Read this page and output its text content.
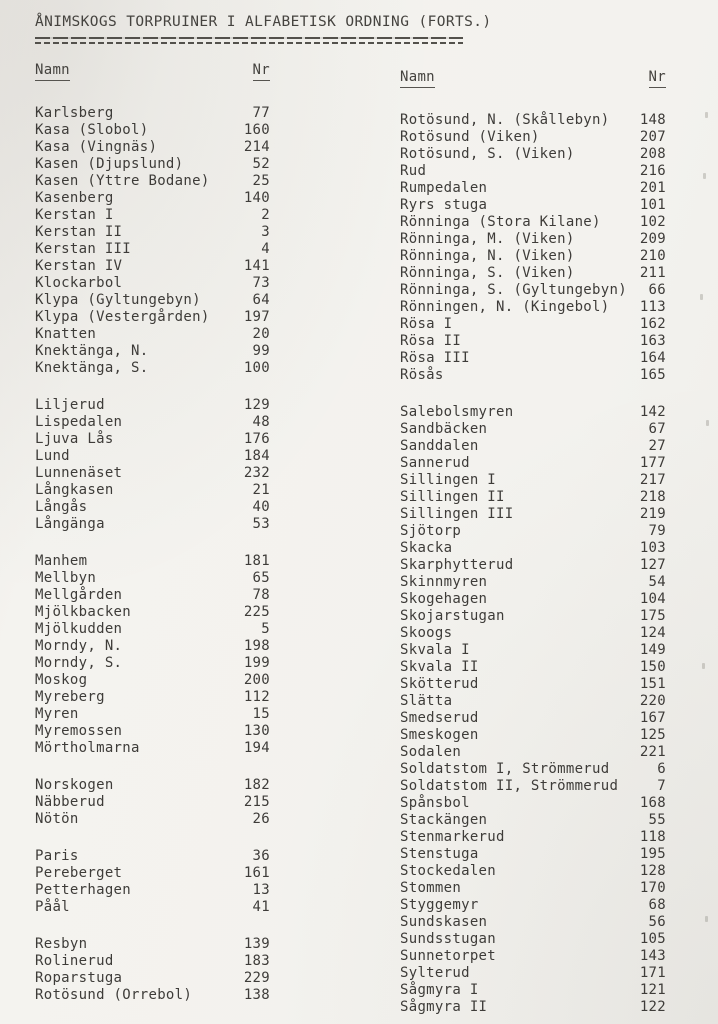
ÅNIMSKOGS TORPRUINER I ALFABETISK ORDNING (FORTS.)
Namn	Nr
Karlsberg	77
Kasa (Slobol)	160
Kasa (Vingnäs)	214
Kasen (Djupslund)	52
Kasen (Yttre Bodane)	25
Kasenberg	140
Kerstan I	2
Kerstan II	3
Kerstan III	4
Kerstan IV	141
Klockarbol	73
Klypa (Gyltungebyn)	64
Klypa (Vestergården) 197
Knatten	20
Knektänga, N.	99
Knektänga, S.	100
Liljerud	129
Lispedalen	48
Ljuva Lås	176
Lund	184
Lunnenäset	232
Långkasen	21
Långås	40
Långänga	53
Manhem	181
Mellbyn	65
Mellgården	78
Mjölkbacken	225
Mjölkudden	5
Morndy, N.	198
Morndy, S.	199
Moskog	200
Myreberg	112
Myren	15
Myremossen	130
Mörtholmarna	194
Norskogen	182
Näbberud	215
Nötön	26
Paris	36
Pereberget	161
Petterhagen	13
Påål	41
Resbyn	139
Rolinerud	183
Roparstuga	229
Rotösund (Orrebol)	138
Namn	Nr
Rotösund, N. (Skållebyn) 148
Rotösund (Viken)	207
Rotösund, S. (Viken)	208
Rud	216
Rumpedalen	201
Ryrs stuga	101
Rönninga (Stora Kilane)	102
Rönninga, M. (Viken)	209
Rönninga, N. (Viken)	210
Rönninga, S. (Viken)	211
Rönninga, S. (Gyltungebyn) 66
Rönningen, N. (Kingebol) 113
Rösa I	162
Rösa II	163
Rösa III	164
Rösås	165
Salebolsmyren	142
Sandbäcken	67
Sanddalen	27
Sannerud	177
Sillingen I	217
Sillingen II	218
Sillingen III	219
Sjötorp	79
Skacka	103
Skarphytterud	127
Skinnmyren	54
Skogehagen	104
Skojarstugan	175
Skoogs	124
Skvala I	149
Skvala II	150
Skötterud	151
Slätta	220
Smedserud	167
Smeskogen	125
Sodalen	221
Soldatstom I, Strömmerud	6
Soldatstom II, Strömmerud	7
Spånsbol	168
Stackängen	55
Stenmarkerud	118
Stenstuga	195
Stockedalen	128
Stommen	170
Styggemyr	68
Sundskasen	56
Sundsstugan	105
Sunnetorpet	143
Sylterud	171
Sågmyra I	121
Sågmyra II	122
